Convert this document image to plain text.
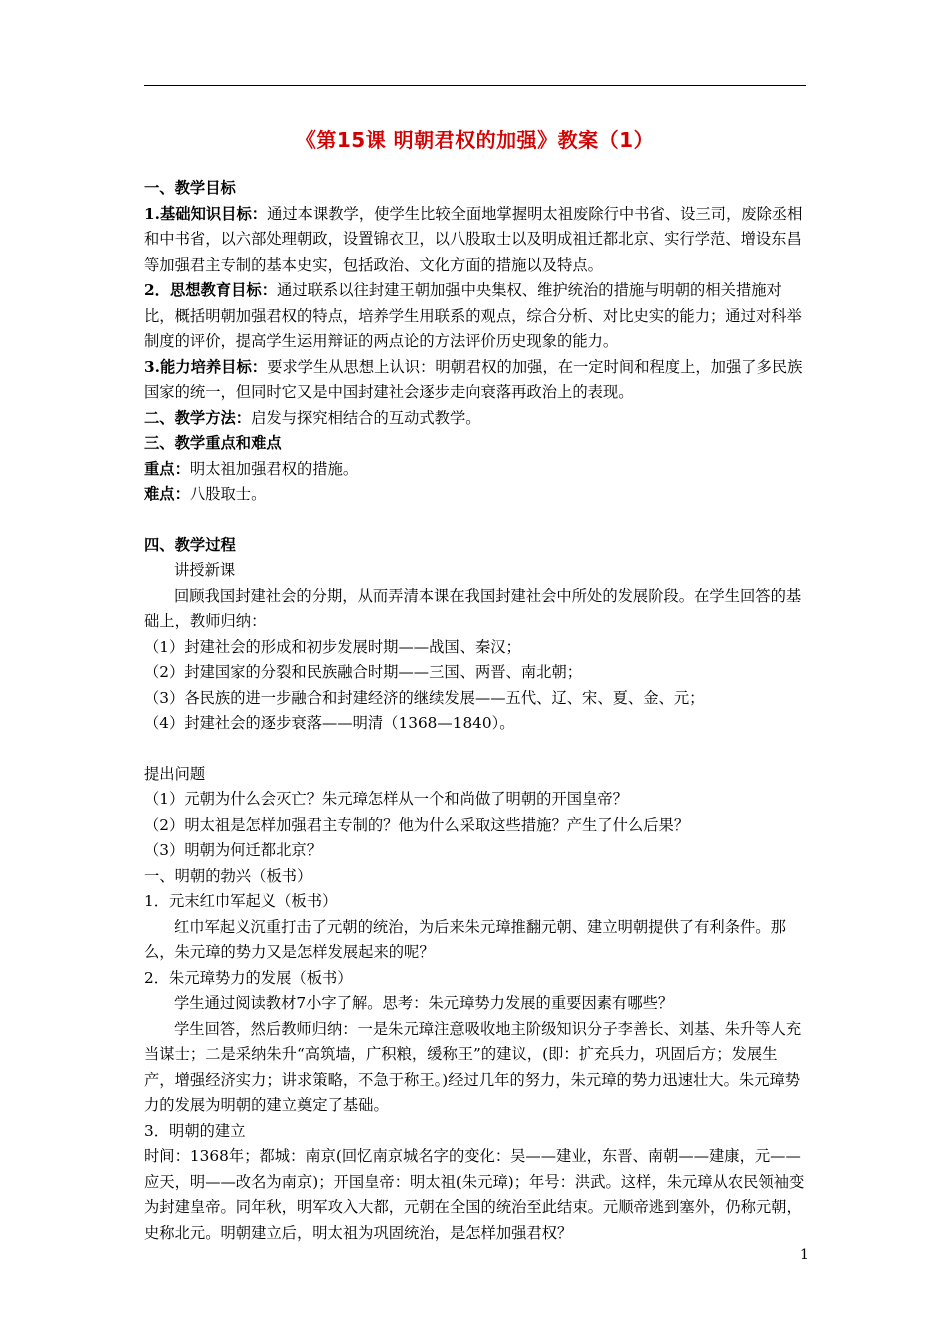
《第15课 明朝君权的加强》教案（1）

一、教学目标

1.基础知识目标：通过本课教学，使学生比较全面地掌握明太祖废除行中书省、设三司，废除丞相和中书省，以六部处理朝政，设置锦衣卫，以八股取士以及明成祖迁都北京、实行学范、增设东昌等加强君主专制的基本史实，包括政治、文化方面的措施以及特点。

2．思想教育目标：通过联系以往封建王朝加强中央集权、维护统治的措施与明朝的相关措施对比，概括明朝加强君权的特点，培养学生用联系的观点，综合分析、对比史实的能力；通过对科举制度的评价，提高学生运用辩证的两点论的方法评价历史现象的能力。

3.能力培养目标：要求学生从思想上认识：明朝君权的加强，在一定时间和程度上，加强了多民族国家的统一，但同时它又是中国封建社会逐步走向衰落再政治上的表现。

二、教学方法：启发与探究相结合的互动式教学。

三、教学重点和难点

重点：明太祖加强君权的措施。

难点：八股取士。

四、教学过程

讲授新课

回顾我国封建社会的分期，从而弄清本课在我国封建社会中所处的发展阶段。在学生回答的基础上，教师归纳：

（1）封建社会的形成和初步发展时期——战国、秦汉；

（2）封建国家的分裂和民族融合时期——三国、两晋、南北朝；

（3）各民族的进一步融合和封建经济的继续发展——五代、辽、宋、夏、金、元；

（4）封建社会的逐步衰落——明清（1368—1840）。

提出问题

（1）元朝为什么会灭亡？朱元璋怎样从一个和尚做了明朝的开国皇帝？

（2）明太祖是怎样加强君主专制的？他为什么采取这些措施？产生了什么后果？

（3）明朝为何迁都北京？

一、明朝的勃兴（板书）

1．元末红巾军起义（板书）

红巾军起义沉重打击了元朝的统治，为后来朱元璋推翻元朝、建立明朝提供了有利条件。那么，朱元璋的势力又是怎样发展起来的呢？

2．朱元璋势力的发展（板书）

学生通过阅读教材7小字了解。思考：朱元璋势力发展的重要因素有哪些？

学生回答，然后教师归纳：一是朱元璋注意吸收地主阶级知识分子李善长、刘基、朱升等人充当谋士；二是采纳朱升“高筑墙，广积粮，缓称王”的建议，(即：扩充兵力，巩固后方；发展生产，增强经济实力；讲求策略，不急于称王。)经过几年的努力，朱元璋的势力迅速壮大。朱元璋势力的发展为明朝的建立奠定了基础。

3．明朝的建立

时间：1368年；都城：南京(回忆南京城名字的变化：吴——建业，东晋、南朝——建康，元——应天，明——改名为南京)；开国皇帝：明太祖(朱元璋)；年号：洪武。这样，朱元璋从农民领袖变为封建皇帝。同年秋，明军攻入大都，元朝在全国的统治至此结束。元顺帝逃到塞外，仍称元朝，史称北元。明朝建立后，明太祖为巩固统治，是怎样加强君权？

1
